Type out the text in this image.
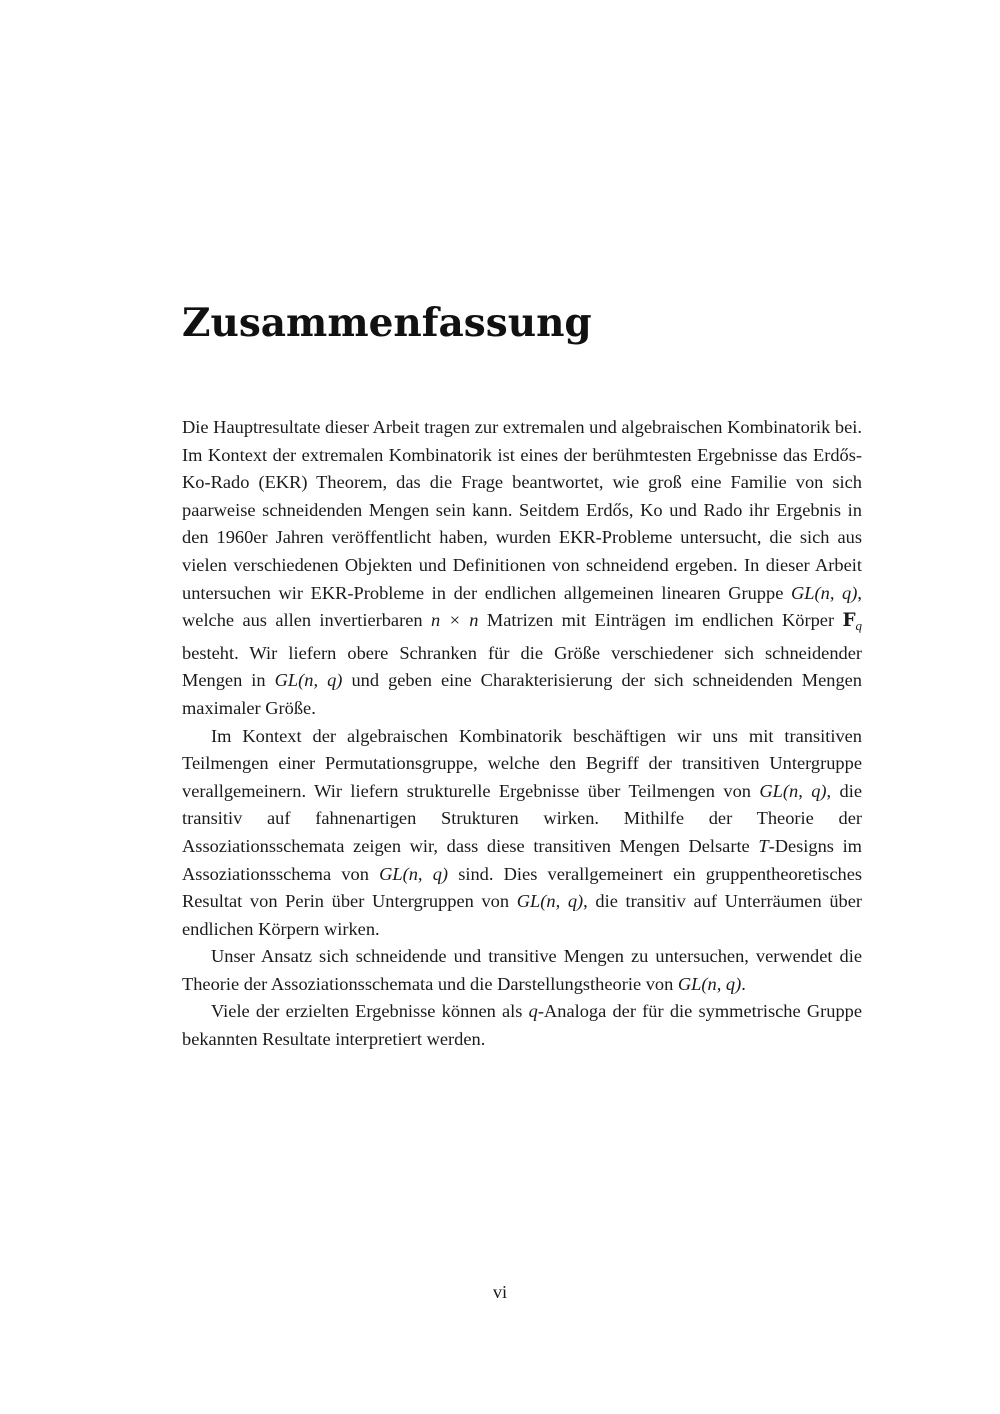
Zusammenfassung

Die Hauptresultate dieser Arbeit tragen zur extremalen und algebraischen Kombinatorik bei. Im Kontext der extremalen Kombinatorik ist eines der berühmtesten Ergebnisse das Erdős-Ko-Rado (EKR) Theorem, das die Frage beantwortet, wie groß eine Familie von sich paarweise schneidenden Mengen sein kann. Seitdem Erdős, Ko und Rado ihr Ergebnis in den 1960er Jahren veröffentlicht haben, wurden EKR-Probleme untersucht, die sich aus vielen verschiedenen Objekten und Definitionen von schneidend ergeben. In dieser Arbeit untersuchen wir EKR-Probleme in der endlichen allgemeinen linearen Gruppe GL(n, q), welche aus allen invertierbaren n × n Matrizen mit Einträgen im endlichen Körper $F_q$ besteht. Wir liefern obere Schranken für die Größe verschiedener sich schneidender Mengen in GL(n, q) und geben eine Charakterisierung der sich schneidenden Mengen maximaler Größe.

Im Kontext der algebraischen Kombinatorik beschäftigen wir uns mit transitiven Teilmengen einer Permutationsgruppe, welche den Begriff der transitiven Untergruppe verallgemeinern. Wir liefern strukturelle Ergebnisse über Teilmengen von GL(n, q), die transitiv auf fahnenartigen Strukturen wirken. Mithilfe der Theorie der Assoziationsschemata zeigen wir, dass diese transitiven Mengen Delsarte T-Designs im Assoziationsschema von GL(n, q) sind. Dies verallgemeinert ein gruppentheoretisches Resultat von Perin über Untergruppen von GL(n, q), die transitiv auf Unterräumen über endlichen Körpern wirken.

Unser Ansatz sich schneidende und transitive Mengen zu untersuchen, verwendet die Theorie der Assoziationsschemata und die Darstellungstheorie von GL(n, q).

Viele der erzielten Ergebnisse können als q-Analoga der für die symmetrische Gruppe bekannten Resultate interpretiert werden.

vi
